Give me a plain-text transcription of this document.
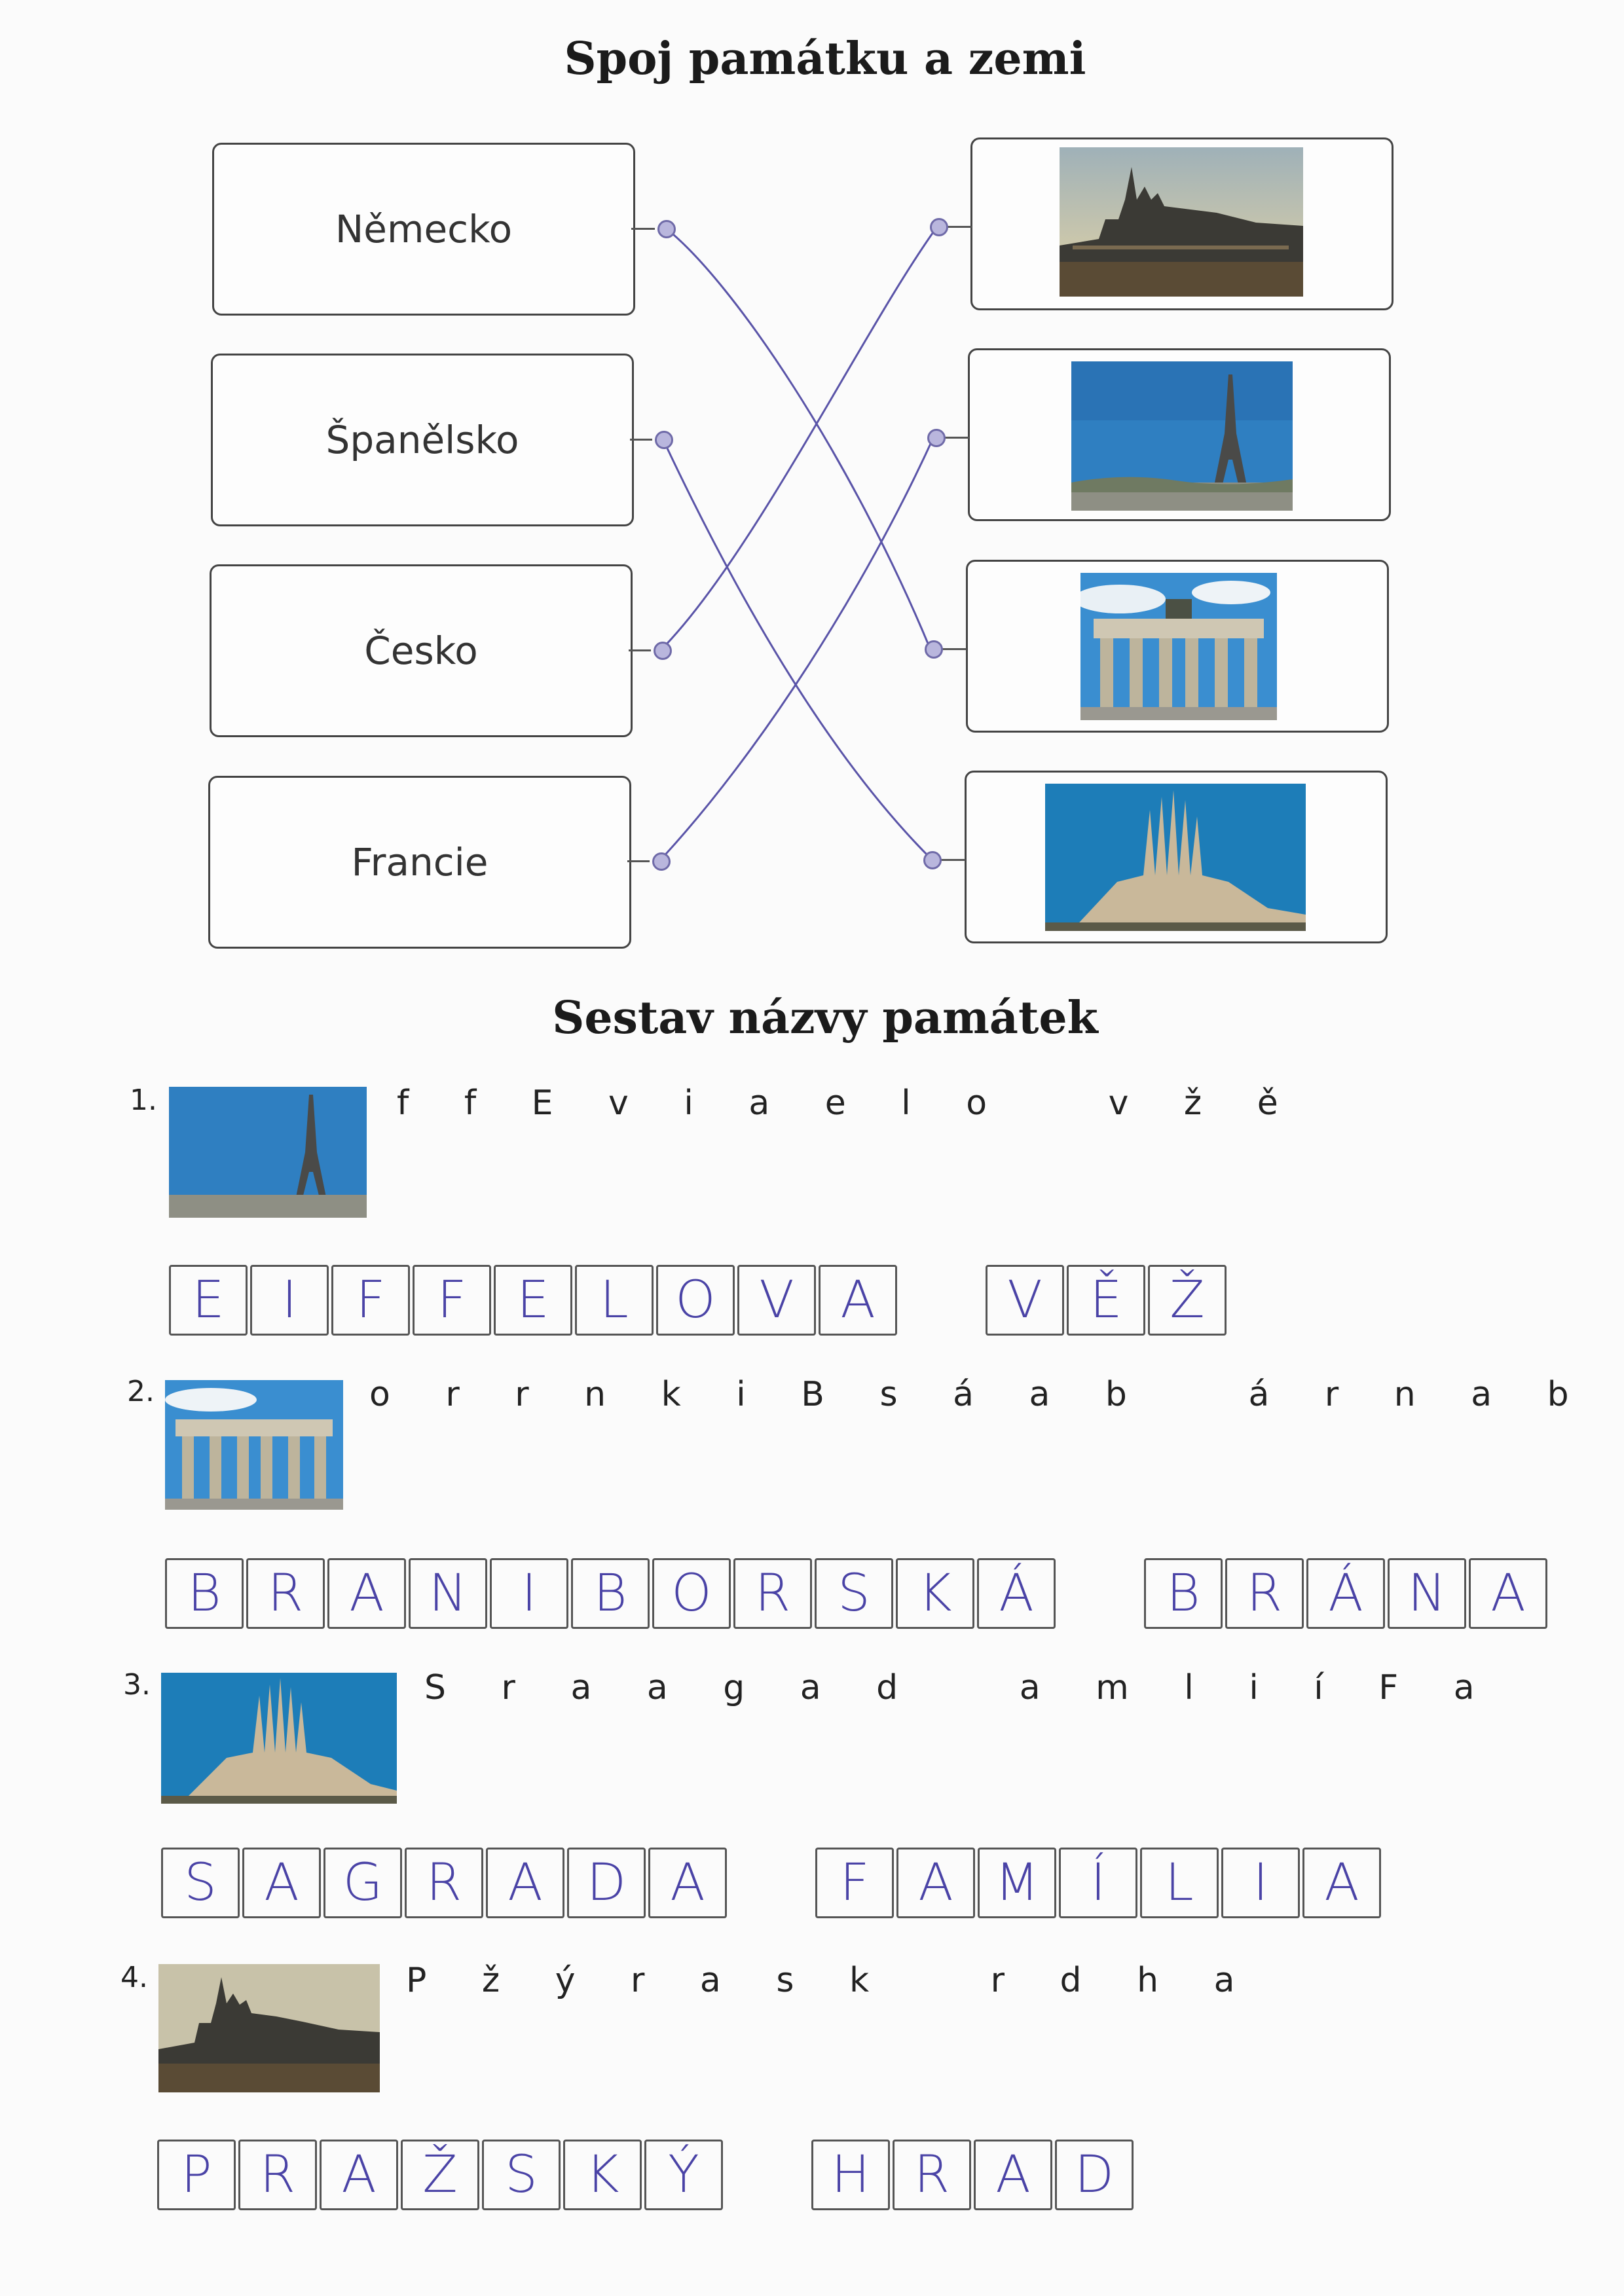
Spoj památku a zemi
Německo
Španělsko
Česko
Francie
Sestav názvy památek
1.	f f E v i a e l o   v ž ě
E	I	F	F E L O V A	V Ě Ž
2.	o r r n k i B s á a b   á r n a b
B R A N	I	B O R S K Á	B R Á N A
3.	S r a a g a d   a m l i í F a
S A G R A D A	F A M	Í	L	I	A
4.	P ž ý r a s k   r d h a
P R A Ž S K Ý	H R A D
